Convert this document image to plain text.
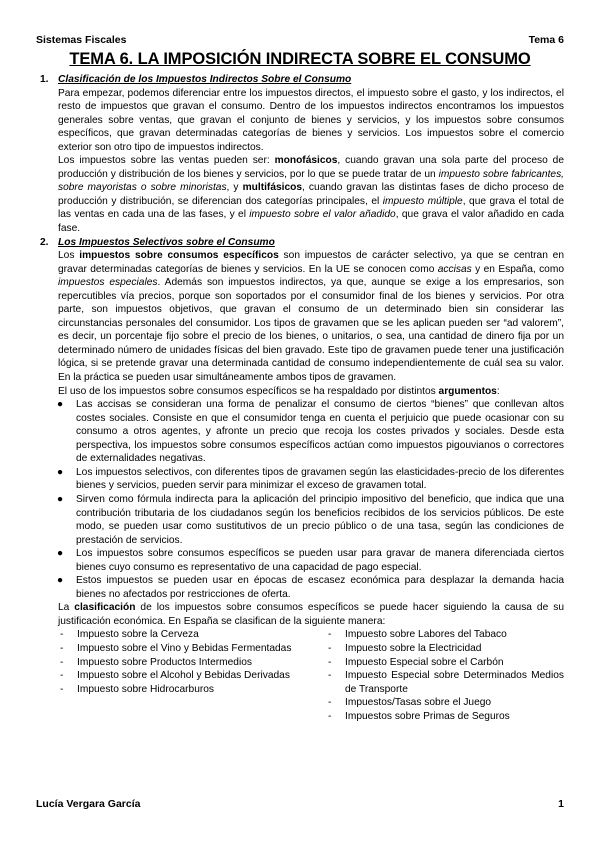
Sistemas Fiscales	Tema 6
TEMA 6. LA IMPOSICIÓN INDIRECTA SOBRE EL CONSUMO
1. Clasificación de los Impuestos Indirectos Sobre el Consumo

Para empezar, podemos diferenciar entre los impuestos directos, el impuesto sobre el gasto, y los indirectos, el resto de impuestos que gravan el consumo. Dentro de los impuestos indirectos encontramos los impuestos generales sobre ventas, que gravan el conjunto de bienes y servicios, y los impuestos sobre consumos específicos, que gravan determinadas categorías de bienes y servicios. Los impuestos sobre el comercio exterior son otro tipo de impuestos indirectos.

Los impuestos sobre las ventas pueden ser: monofásicos, cuando gravan una sola parte del proceso de producción y distribución de los bienes y servicios, por lo que se puede tratar de un impuesto sobre fabricantes, sobre mayoristas o sobre minoristas, y multifásicos, cuando gravan las distintas fases de dicho proceso de producción y distribución, se diferencian dos categorías principales, el impuesto múltiple, que grava el total de las ventas en cada una de las fases, y el impuesto sobre el valor añadido, que grava el valor añadido en cada fase.

2. Los Impuestos Selectivos sobre el Consumo

Los impuestos sobre consumos específicos son impuestos de carácter selectivo, ya que se centran en gravar determinadas categorías de bienes y servicios. En la UE se conocen como accisas y en España, como impuestos especiales. Además son impuestos indirectos, ya que, aunque se exige a los empresarios, son repercutibles vía precios, porque son soportados por el consumidor final de los bienes y servicios. Por otra parte, son impuestos objetivos, que gravan el consumo de un determinado bien sin considerar las circunstancias personales del consumidor. Los tipos de gravamen que se les aplican pueden ser “ad valorem”, es decir, un porcentaje fijo sobre el precio de los bienes, o unitarios, o sea, una cantidad de dinero fija por un determinado número de unidades físicas del bien gravado. Este tipo de gravamen puede tener una justificación lógica, si se pretende gravar una determinada cantidad de consumo independientemente de cuál sea su valor. En la práctica se pueden usar simultáneamente ambos tipos de gravamen.

El uso de los impuestos sobre consumos específicos se ha respaldado por distintos argumentos:

● Las accisas se consideran una forma de penalizar el consumo de ciertos “bienes” que conllevan altos costes sociales. Consiste en que el consumidor tenga en cuenta el perjuicio que puede ocasionar con su consumo a otros agentes, y afronte un precio que recoja los costes privados y sociales. Desde esta perspectiva, los impuestos sobre consumos específicos actúan como impuestos pigouvianos o correctores de externalidades negativas.
● Los impuestos selectivos, con diferentes tipos de gravamen según las elasticidades-precio de los diferentes bienes y servicios, pueden servir para minimizar el exceso de gravamen total.
● Sirven como fórmula indirecta para la aplicación del principio impositivo del beneficio, que indica que una contribución tributaria de los ciudadanos según los beneficios recibidos de los servicios públicos. De este modo, se pueden usar como sustitutivos de un precio público o de una tasa, según las condiciones de prestación de servicios.
● Los impuestos sobre consumos específicos se pueden usar para gravar de manera diferenciada ciertos bienes cuyo consumo es representativo de una capacidad de pago especial.
● Estos impuestos se pueden usar en épocas de escasez económica para desplazar la demanda hacia bienes no afectados por restricciones de oferta.

La clasificación de los impuestos sobre consumos específicos se puede hacer siguiendo la causa de su justificación económica. En España se clasifican de la siguiente manera:

- Impuesto sobre la Cerveza
- Impuesto sobre el Vino y Bebidas Fermentadas
- Impuesto sobre Productos Intermedios
- Impuesto sobre el Alcohol y Bebidas Derivadas
- Impuesto sobre Hidrocarburos
- Impuesto sobre Labores del Tabaco
- Impuesto sobre la Electricidad
- Impuesto Especial sobre el Carbón
- Impuesto Especial sobre Determinados Medios de Transporte
- Impuestos/Tasas sobre el Juego
- Impuestos sobre Primas de Seguros
Lucía Vergara García	1
